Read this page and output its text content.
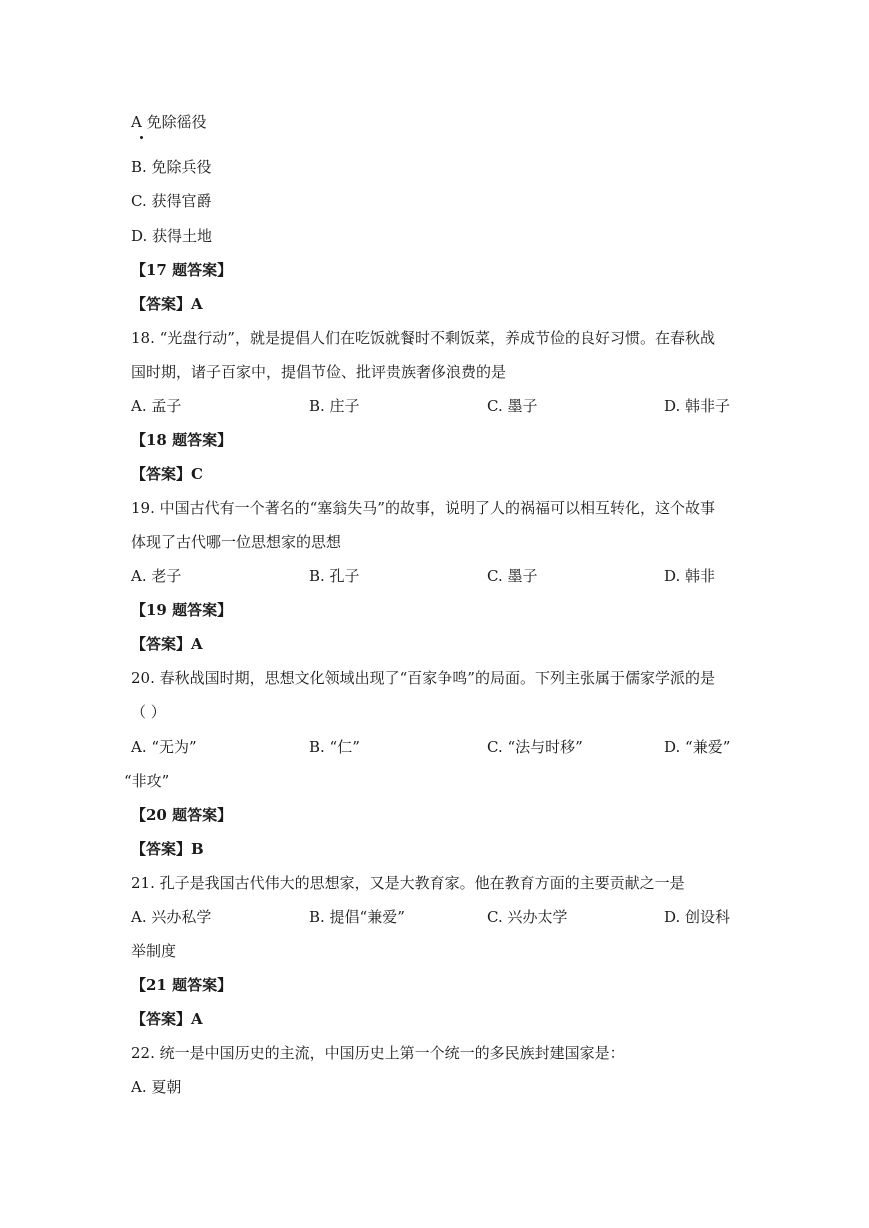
A 免除徭役
B. 免除兵役
C. 获得官爵
D. 获得土地
【17 题答案】
【答案】A
18. “光盘行动”，就是提倡人们在吃饭就餐时不剩饭菜，养成节俭的良好习惯。在春秋战
国时期，诸子百家中，提倡节俭、批评贵族奢侈浪费的是
A. 孟子	B. 庄子	C. 墨子	D. 韩非子
【18 题答案】
【答案】C
19. 中国古代有一个著名的“塞翁失马”的故事，说明了人的祸福可以相互转化，这个故事
体现了古代哪一位思想家的思想
A. 老子	B. 孔子	C. 墨子	D. 韩非
【19 题答案】
【答案】A
20. 春秋战国时期，思想文化领域出现了“百家争鸣”的局面。下列主张属于儒家学派的是
（ ）
A. “无为”	B. “仁”	C. “法与时移”	D. “兼爱”
“非攻”
【20 题答案】
【答案】B
21. 孔子是我国古代伟大的思想家，又是大教育家。他在教育方面的主要贡献之一是
A. 兴办私学	B. 提倡“兼爱”	C. 兴办太学	D. 创设科
举制度
【21 题答案】
【答案】A
22. 统一是中国历史的主流，中国历史上第一个统一的多民族封建国家是：
A. 夏朝
